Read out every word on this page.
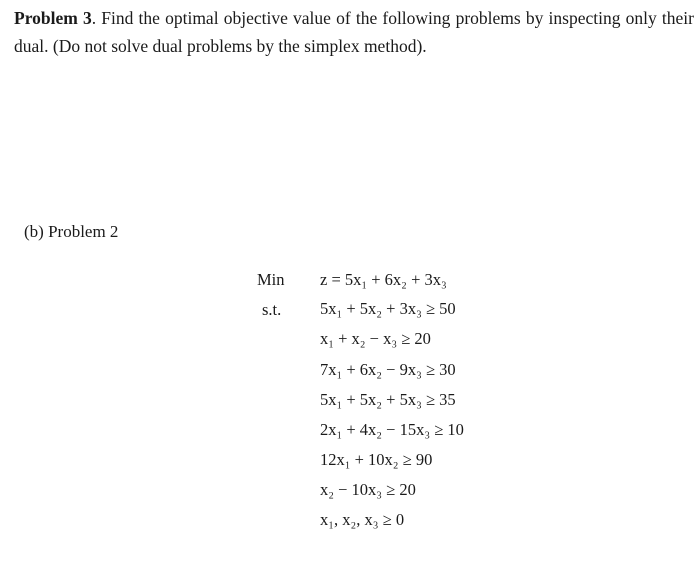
Problem 3. Find the optimal objective value of the following problems by inspecting only their dual. (Do not solve dual problems by the simplex method).
(b) Problem 2
Min
s.t.
z = 5x₁ + 6x₂ + 3x₃
5x₁ + 5x₂ + 3x₃ ≥ 50
x₁ + x₂ − x₃ ≥ 20
7x₁ + 6x₂ − 9x₃ ≥ 30
5x₁ + 5x₂ + 5x₃ ≥ 35
2x₁ + 4x₂ − 15x₃ ≥ 10
12x₁ + 10x₂ ≥ 90
x₂ − 10x₃ ≥ 20
x₁, x₂, x₃ ≥ 0
